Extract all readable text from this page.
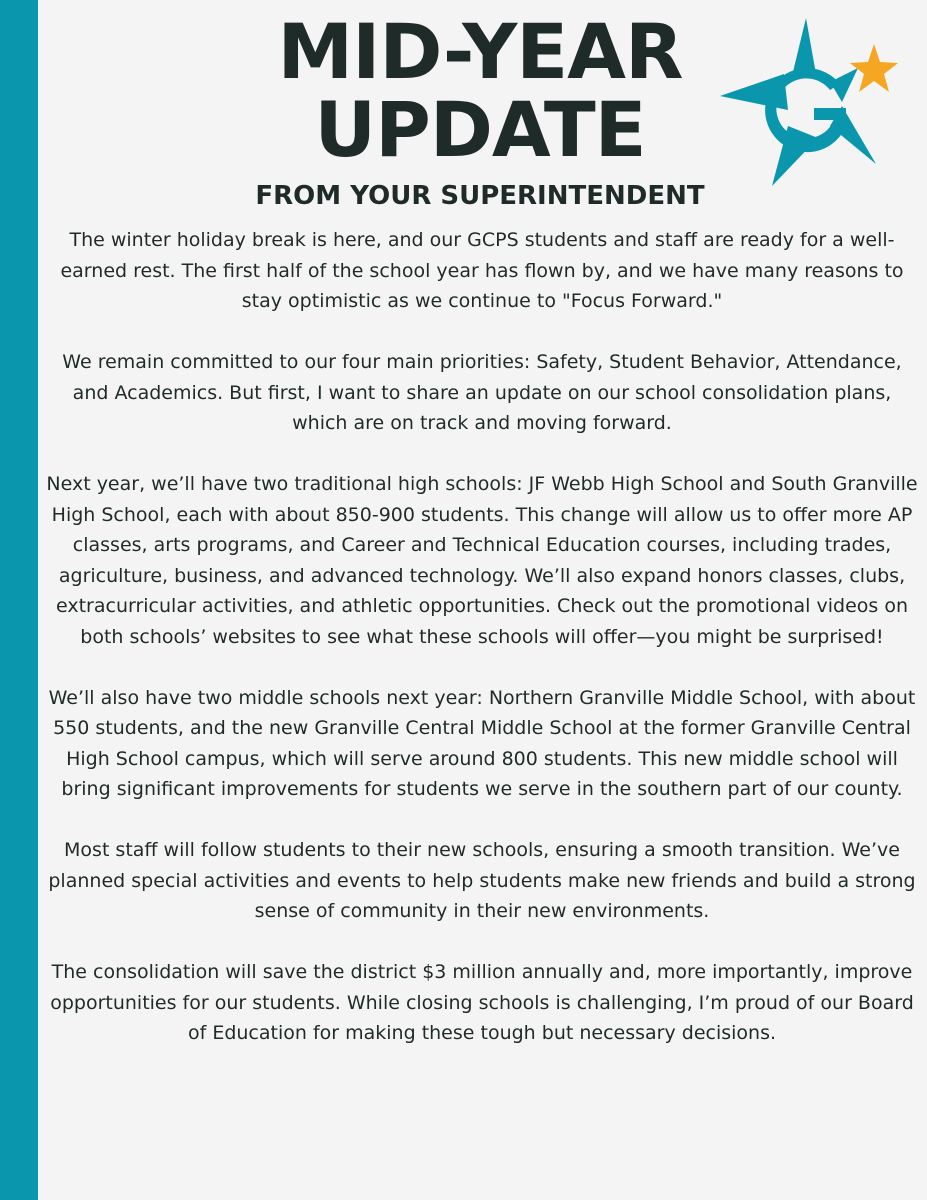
MID-YEAR
UPDATE
FROM YOUR SUPERINTENDENT

The winter holiday break is here, and our GCPS students and staff are ready for a well-earned rest. The first half of the school year has flown by, and we have many reasons to stay optimistic as we continue to "Focus Forward."

We remain committed to our four main priorities: Safety, Student Behavior, Attendance, and Academics. But first, I want to share an update on our school consolidation plans, which are on track and moving forward.

Next year, we’ll have two traditional high schools: JF Webb High School and South Granville High School, each with about 850-900 students. This change will allow us to offer more AP classes, arts programs, and Career and Technical Education courses, including trades, agriculture, business, and advanced technology. We’ll also expand honors classes, clubs, extracurricular activities, and athletic opportunities. Check out the promotional videos on both schools’ websites to see what these schools will offer—you might be surprised!

We’ll also have two middle schools next year: Northern Granville Middle School, with about 550 students, and the new Granville Central Middle School at the former Granville Central High School campus, which will serve around 800 students. This new middle school will bring significant improvements for students we serve in the southern part of our county.

Most staff will follow students to their new schools, ensuring a smooth transition. We’ve planned special activities and events to help students make new friends and build a strong sense of community in their new environments.

The consolidation will save the district $3 million annually and, more importantly, improve opportunities for our students. While closing schools is challenging, I’m proud of our Board of Education for making these tough but necessary decisions.
